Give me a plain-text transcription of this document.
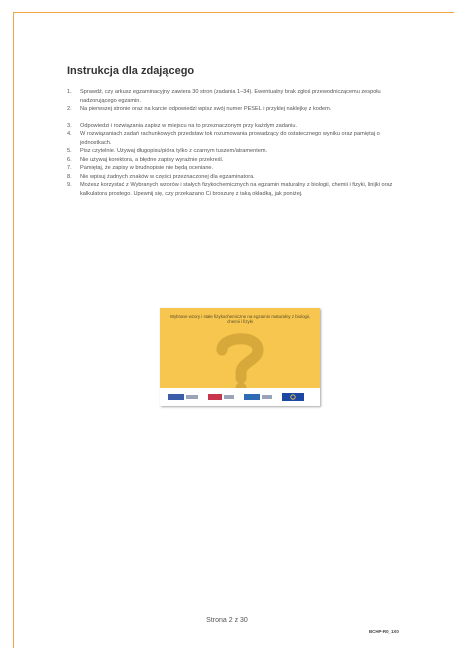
Instrukcja dla zdającego
1.	Sprawdź, czy arkusz egzaminacyjny zawiera 30 stron (zadania 1–34). Ewentualny brak zgłoś przewodniczącemu zespołu nadzorującego egzamin.
2.	Na pierwszej stronie oraz na karcie odpowiedzi wpisz swój numer PESEL i przyklej naklejkę z kodem.
3.	Odpowiedzi i rozwiązania zapisz w miejscu na to przeznaczonym przy każdym zadaniu.
4.	W rozwiązaniach zadań rachunkowych przedstaw tok rozumowania prowadzący do ostatecznego wyniku oraz pamiętaj o jednostkach.
5.	Pisz czytelnie. Używaj długopisu/pióra tylko z czarnym tuszem/atramentem.
6.	Nie używaj korektora, a błędne zapisy wyraźnie przekreśl.
7.	Pamiętaj, że zapisy w brudnopisie nie będą oceniane.
8.	Nie wpisuj żadnych znaków w części przeznaczonej dla egzaminatora.
9.	Możesz korzystać z Wybranych wzorów i stałych fizykochemicznych na egzamin maturalny z biologii, chemii i fizyki, linijki oraz kalkulatora prostego. Upewnij się, czy przekazano Ci broszurę z taką okładką, jak poniżej.
Wybrane wzory i stałe fizykochemiczne na egzamin maturalny z biologii, chemii i fizyki
Strona 2 z 30
BCHP-R0_1X0
